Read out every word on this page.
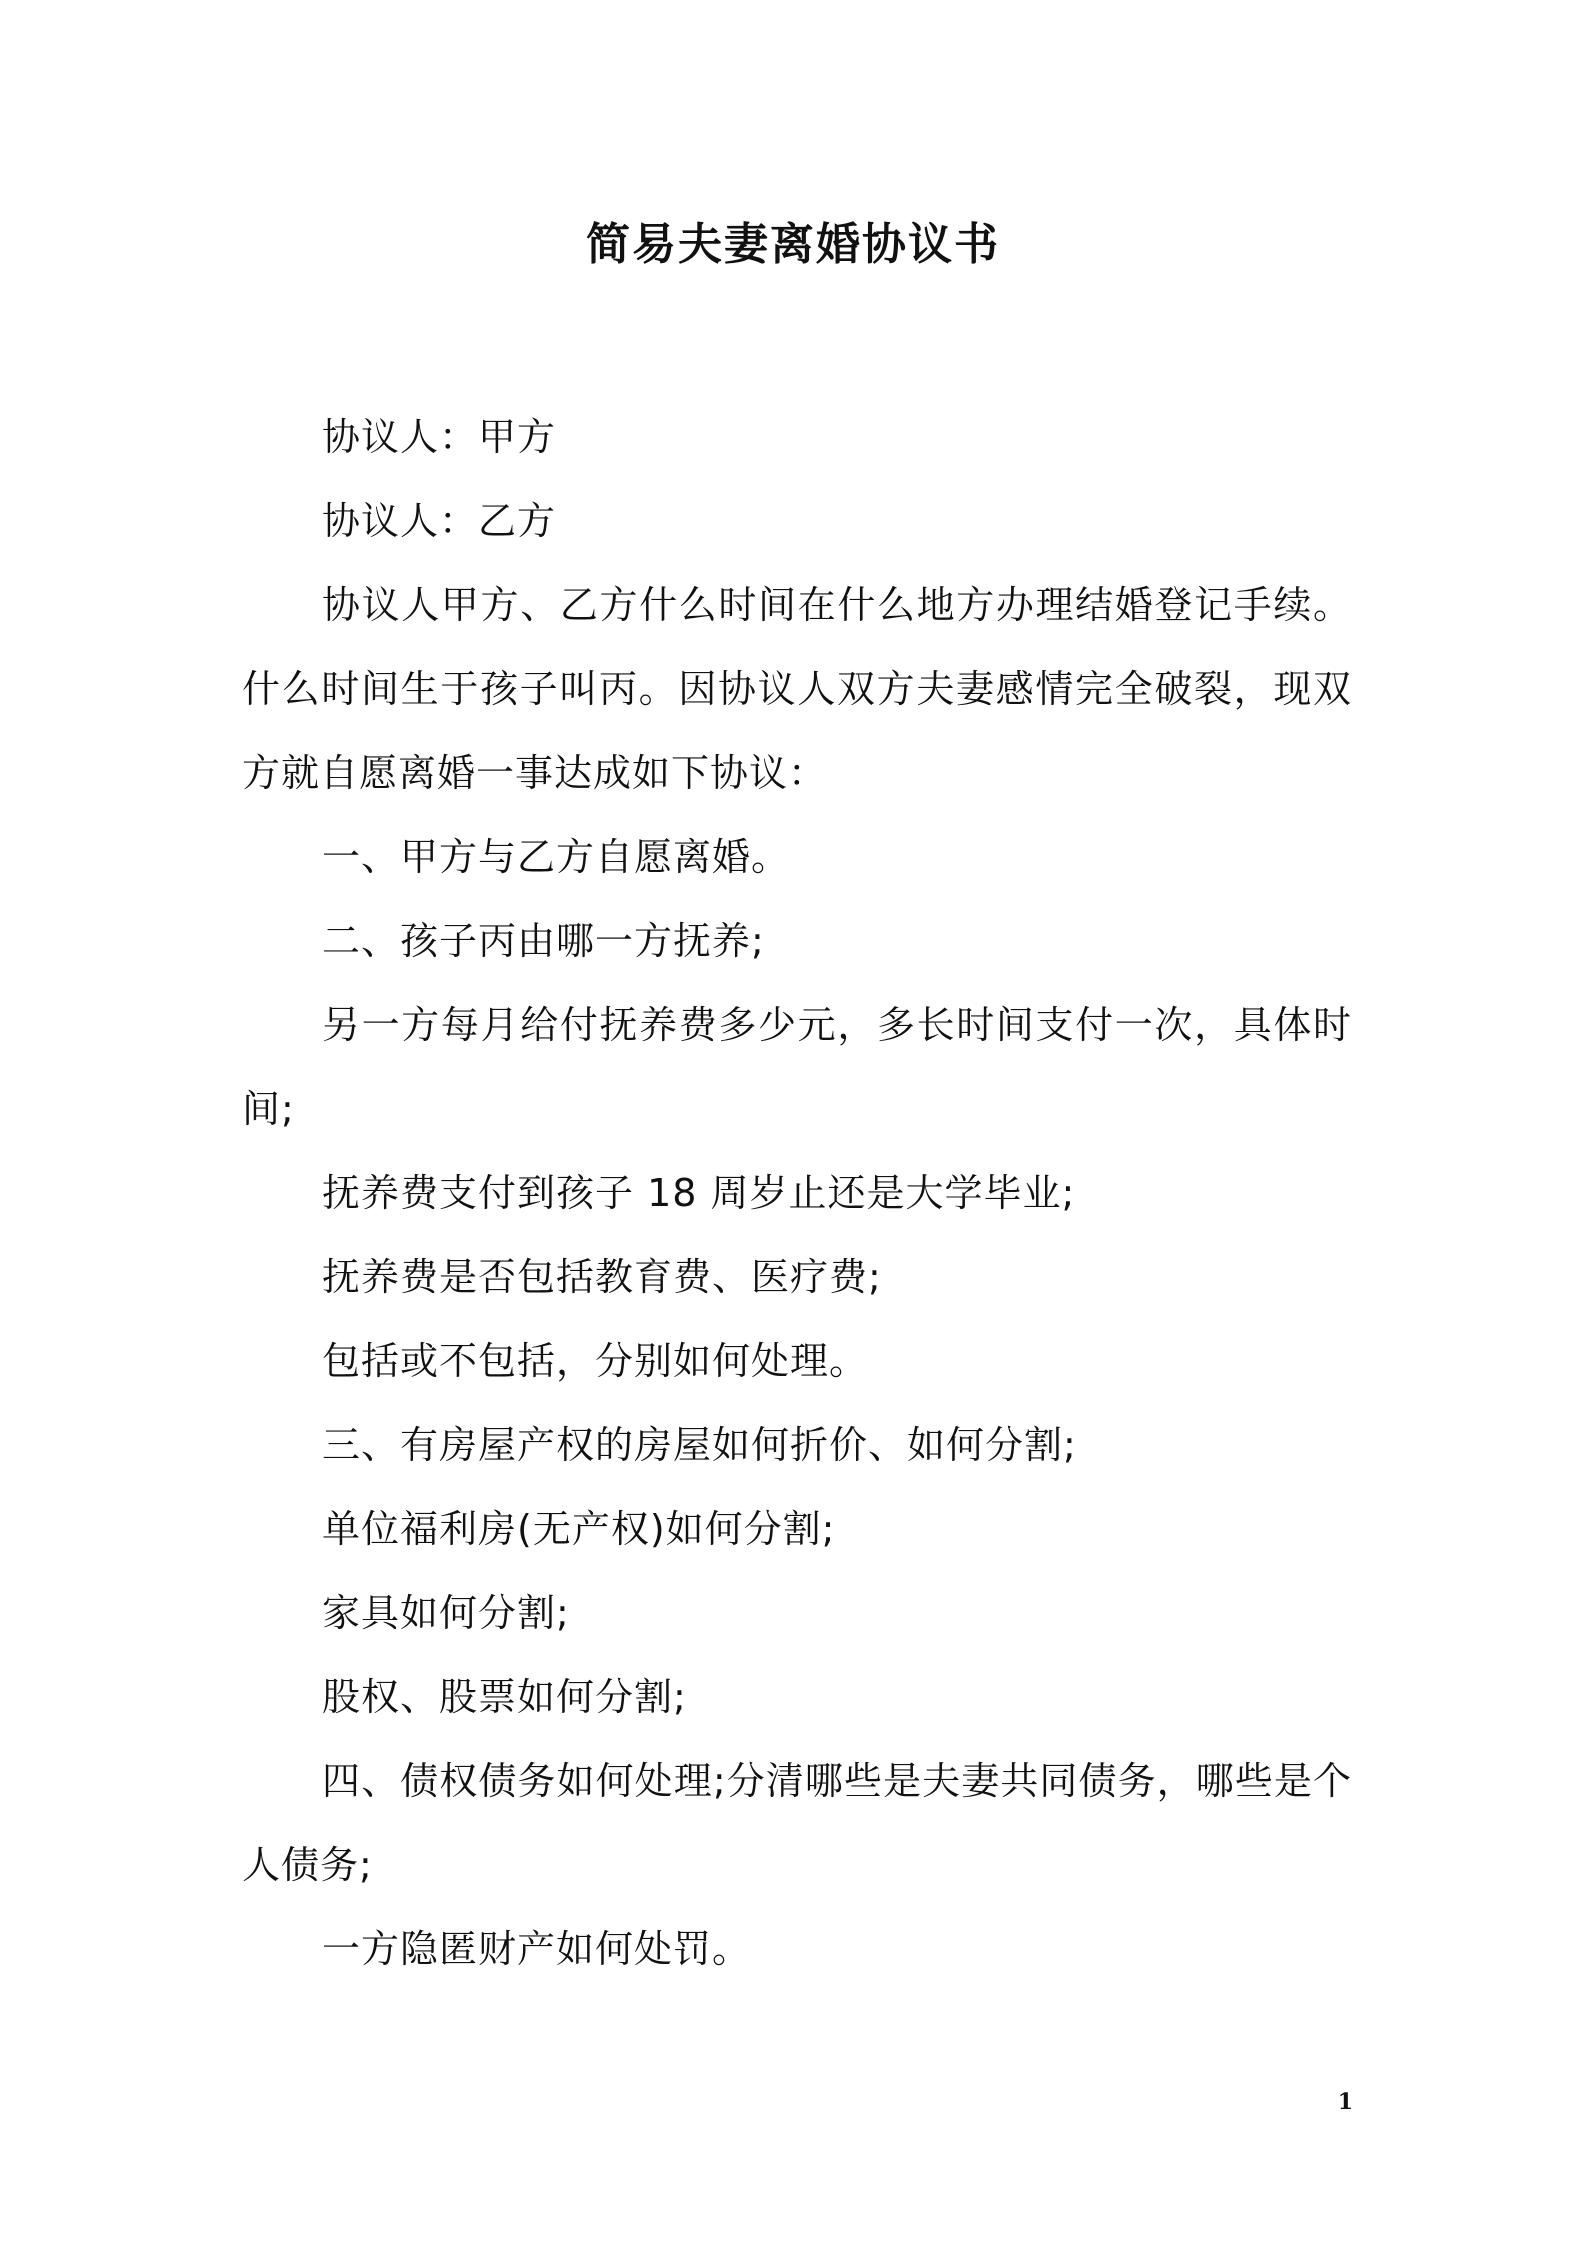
简易夫妻离婚协议书

协议人：甲方

协议人：乙方

协议人甲方、乙方什么时间在什么地方办理结婚登记手续。什么时间生于孩子叫丙。因协议人双方夫妻感情完全破裂，现双方就自愿离婚一事达成如下协议：

一、甲方与乙方自愿离婚。

二、孩子丙由哪一方抚养;

另一方每月给付抚养费多少元，多长时间支付一次，具体时间;

抚养费支付到孩子 18 周岁止还是大学毕业;

抚养费是否包括教育费、医疗费;

包括或不包括，分别如何处理。

三、有房屋产权的房屋如何折价、如何分割;

单位福利房(无产权)如何分割;

家具如何分割;

股权、股票如何分割;

四、债权债务如何处理;分清哪些是夫妻共同债务，哪些是个人债务;

一方隐匿财产如何处罚。

1
